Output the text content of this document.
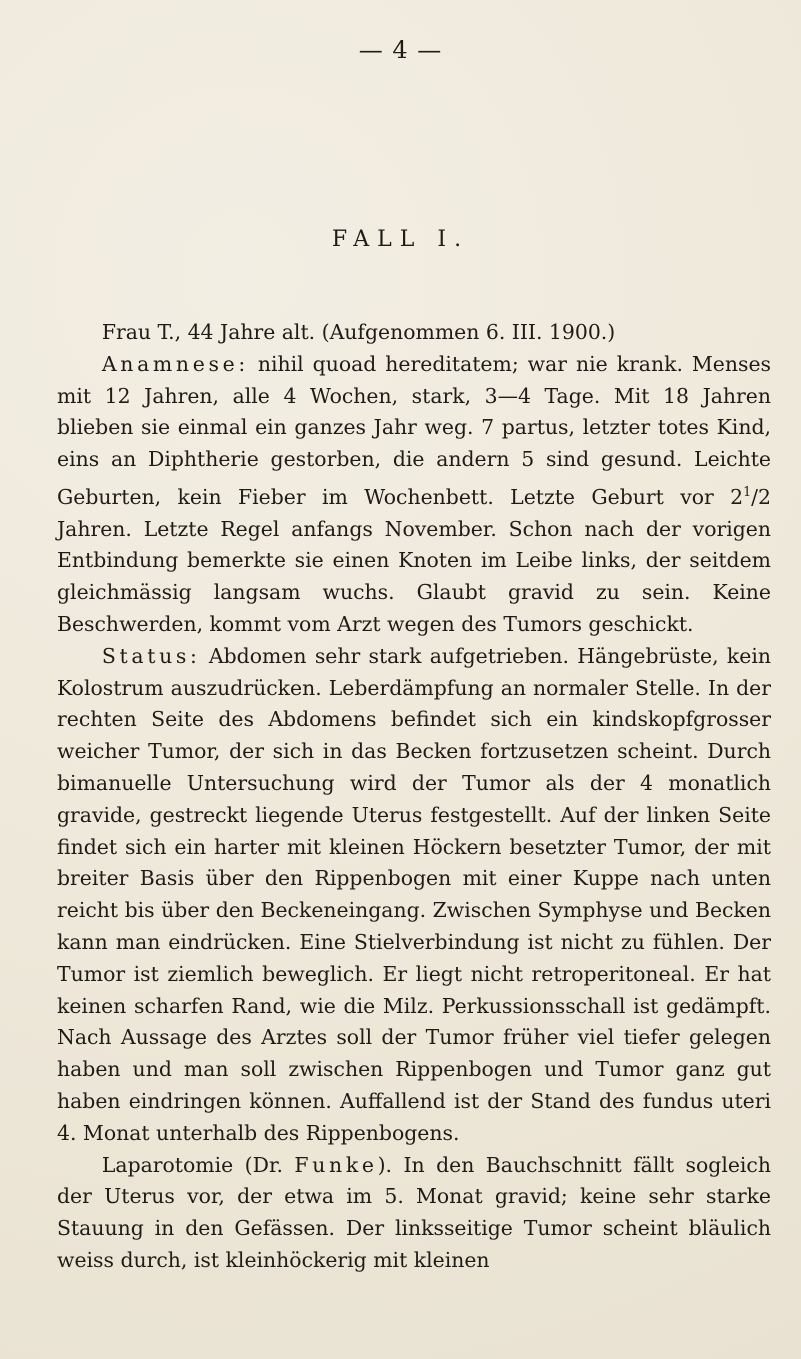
— 4 —
FALL I.

Frau T., 44 Jahre alt. (Aufgenommen 6. III. 1900.)

Anamnese: nihil quoad hereditatem; war nie krank. Menses mit 12 Jahren, alle 4 Wochen, stark, 3—4 Tage. Mit 18 Jahren blieben sie einmal ein ganzes Jahr weg. 7 partus, letzter totes Kind, eins an Diphtherie gestorben, die andern 5 sind gesund. Leichte Geburten, kein Fieber im Wochenbett. Letzte Geburt vor $2^1/2$ Jahren. Letzte Regel anfangs November. Schon nach der vorigen Entbindung bemerkte sie einen Knoten im Leibe links, der seitdem gleichmässig langsam wuchs. Glaubt gravid zu sein. Keine Beschwerden, kommt vom Arzt wegen des Tumors geschickt.

Status: Abdomen sehr stark aufgetrieben. Hängebrüste, kein Kolostrum auszudrücken. Leberdämpfung an normaler Stelle. In der rechten Seite des Abdomens befindet sich ein kindskopfgrosser weicher Tumor, der sich in das Becken fortzusetzen scheint. Durch bimanuelle Untersuchung wird der Tumor als der 4 monatlich gravide, gestreckt liegende Uterus festgestellt. Auf der linken Seite findet sich ein harter mit kleinen Höckern besetzter Tumor, der mit breiter Basis über den Rippenbogen mit einer Kuppe nach unten reicht bis über den Beckeneingang. Zwischen Symphyse und Becken kann man eindrücken. Eine Stielverbindung ist nicht zu fühlen. Der Tumor ist ziemlich beweglich. Er liegt nicht retroperitoneal. Er hat keinen scharfen Rand, wie die Milz. Perkussionsschall ist gedämpft. Nach Aussage des Arztes soll der Tumor früher viel tiefer gelegen haben und man soll zwischen Rippenbogen und Tumor ganz gut haben eindringen können. Auffallend ist der Stand des fundus uteri 4. Monat unterhalb des Rippenbogens.

Laparotomie (Dr. Funke). In den Bauchschnitt fällt sogleich der Uterus vor, der etwa im 5. Monat gravid; keine sehr starke Stauung in den Gefässen. Der linksseitige Tumor scheint bläulich weiss durch, ist kleinhöckerig mit kleinen
